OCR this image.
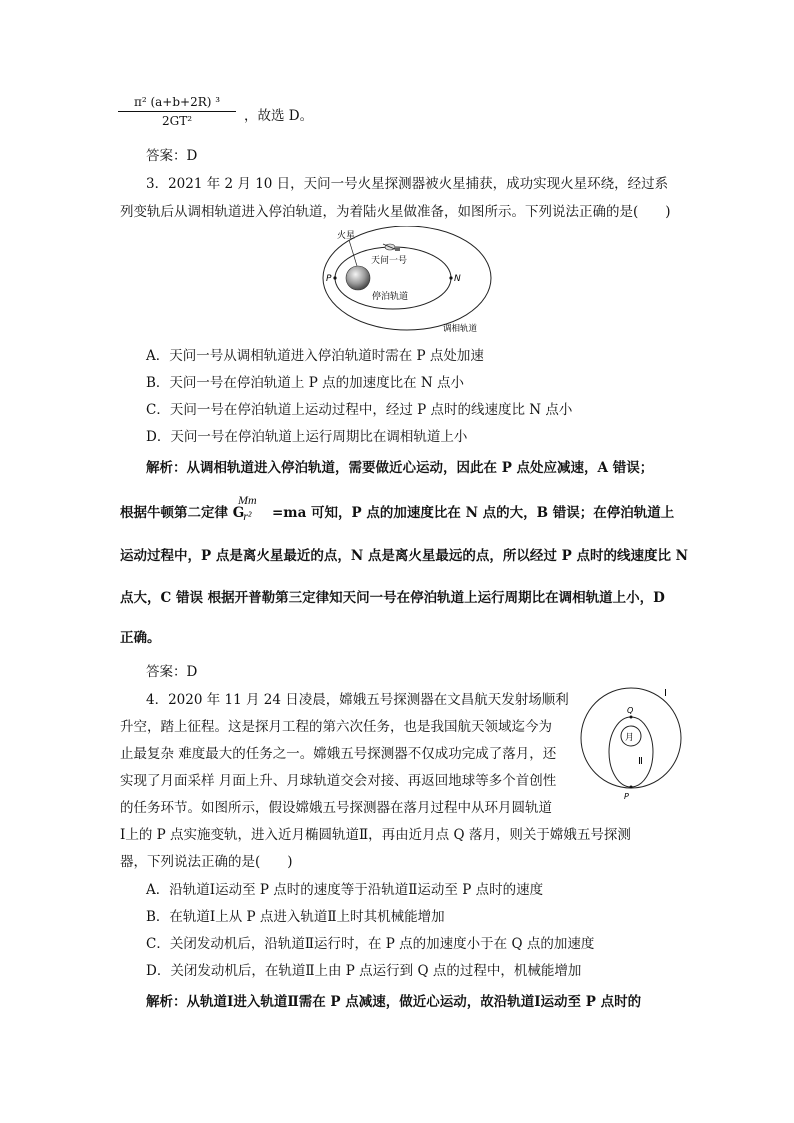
$\frac{\text{π² (a+b+2R) ³}}{\text{2GT²}}$ ，故选 D。
答案：D
3．2021 年 2 月 10 日，天问一号火星探测器被火星捕获，成功实现火星环绕，经过系
列变轨后从调相轨道进入停泊轨道，为着陆火星做准备，如图所示。下列说法正确的是(　　)
火星
天问一号
停泊轨道
调相轨道
P	N
A．天问一号从调相轨道进入停泊轨道时需在 P 点处加速
B．天问一号在停泊轨道上 P 点的加速度比在 N 点小
C．天问一号在停泊轨道上运动过程中，经过 P 点时的线速度比 N 点小
D．天问一号在停泊轨道上运行周期比在调相轨道上小
解析：从调相轨道进入停泊轨道，需要做近心运动，因此在 P 点处应减速，A 错误；
根据牛顿第二定律 G
Mm
r²	=ma 可知，P 点的加速度比在 N 点的大，B 错误；在停泊轨道上
运动过程中，P 点是离火星最近的点，N 点是离火星最远的点，所以经过 P 点时的线速度比 N
点大，C 错误 根据开普勒第三定律知天问一号在停泊轨道上运行周期比在调相轨道上小，D
正确。
答案：D
4．2020 年 11 月 24 日凌晨，嫦娥五号探测器在文昌航天发射场顺利
升空，踏上征程。这是探月工程的第六次任务，也是我国航天领域迄今为
止最复杂 难度最大的任务之一。嫦娥五号探测器不仅成功完成了落月，还
实现了月面采样 月面上升、月球轨道交会对接、再返回地球等多个首创性
的任务环节。如图所示，假设嫦娥五号探测器在落月过程中从环月圆轨道
Ⅰ上的 P 点实施变轨，进入近月椭圆轨道Ⅱ，再由近月点 Q 落月，则关于嫦娥五号探测
器，下列说法正确的是(　　)
月
Ⅰ
Ⅱ
Q
P
A．沿轨道Ⅰ运动至 P 点时的速度等于沿轨道Ⅱ运动至 P 点时的速度
B．在轨道Ⅰ上从 P 点进入轨道Ⅱ上时其机械能增加
C．关闭发动机后，沿轨道Ⅱ运行时，在 P 点的加速度小于在 Q 点的加速度
D．关闭发动机后，在轨道Ⅱ上由 P 点运行到 Q 点的过程中，机械能增加
解析：从轨道Ⅰ进入轨道Ⅱ需在 P 点减速，做近心运动，故沿轨道Ⅰ运动至 P 点时的
